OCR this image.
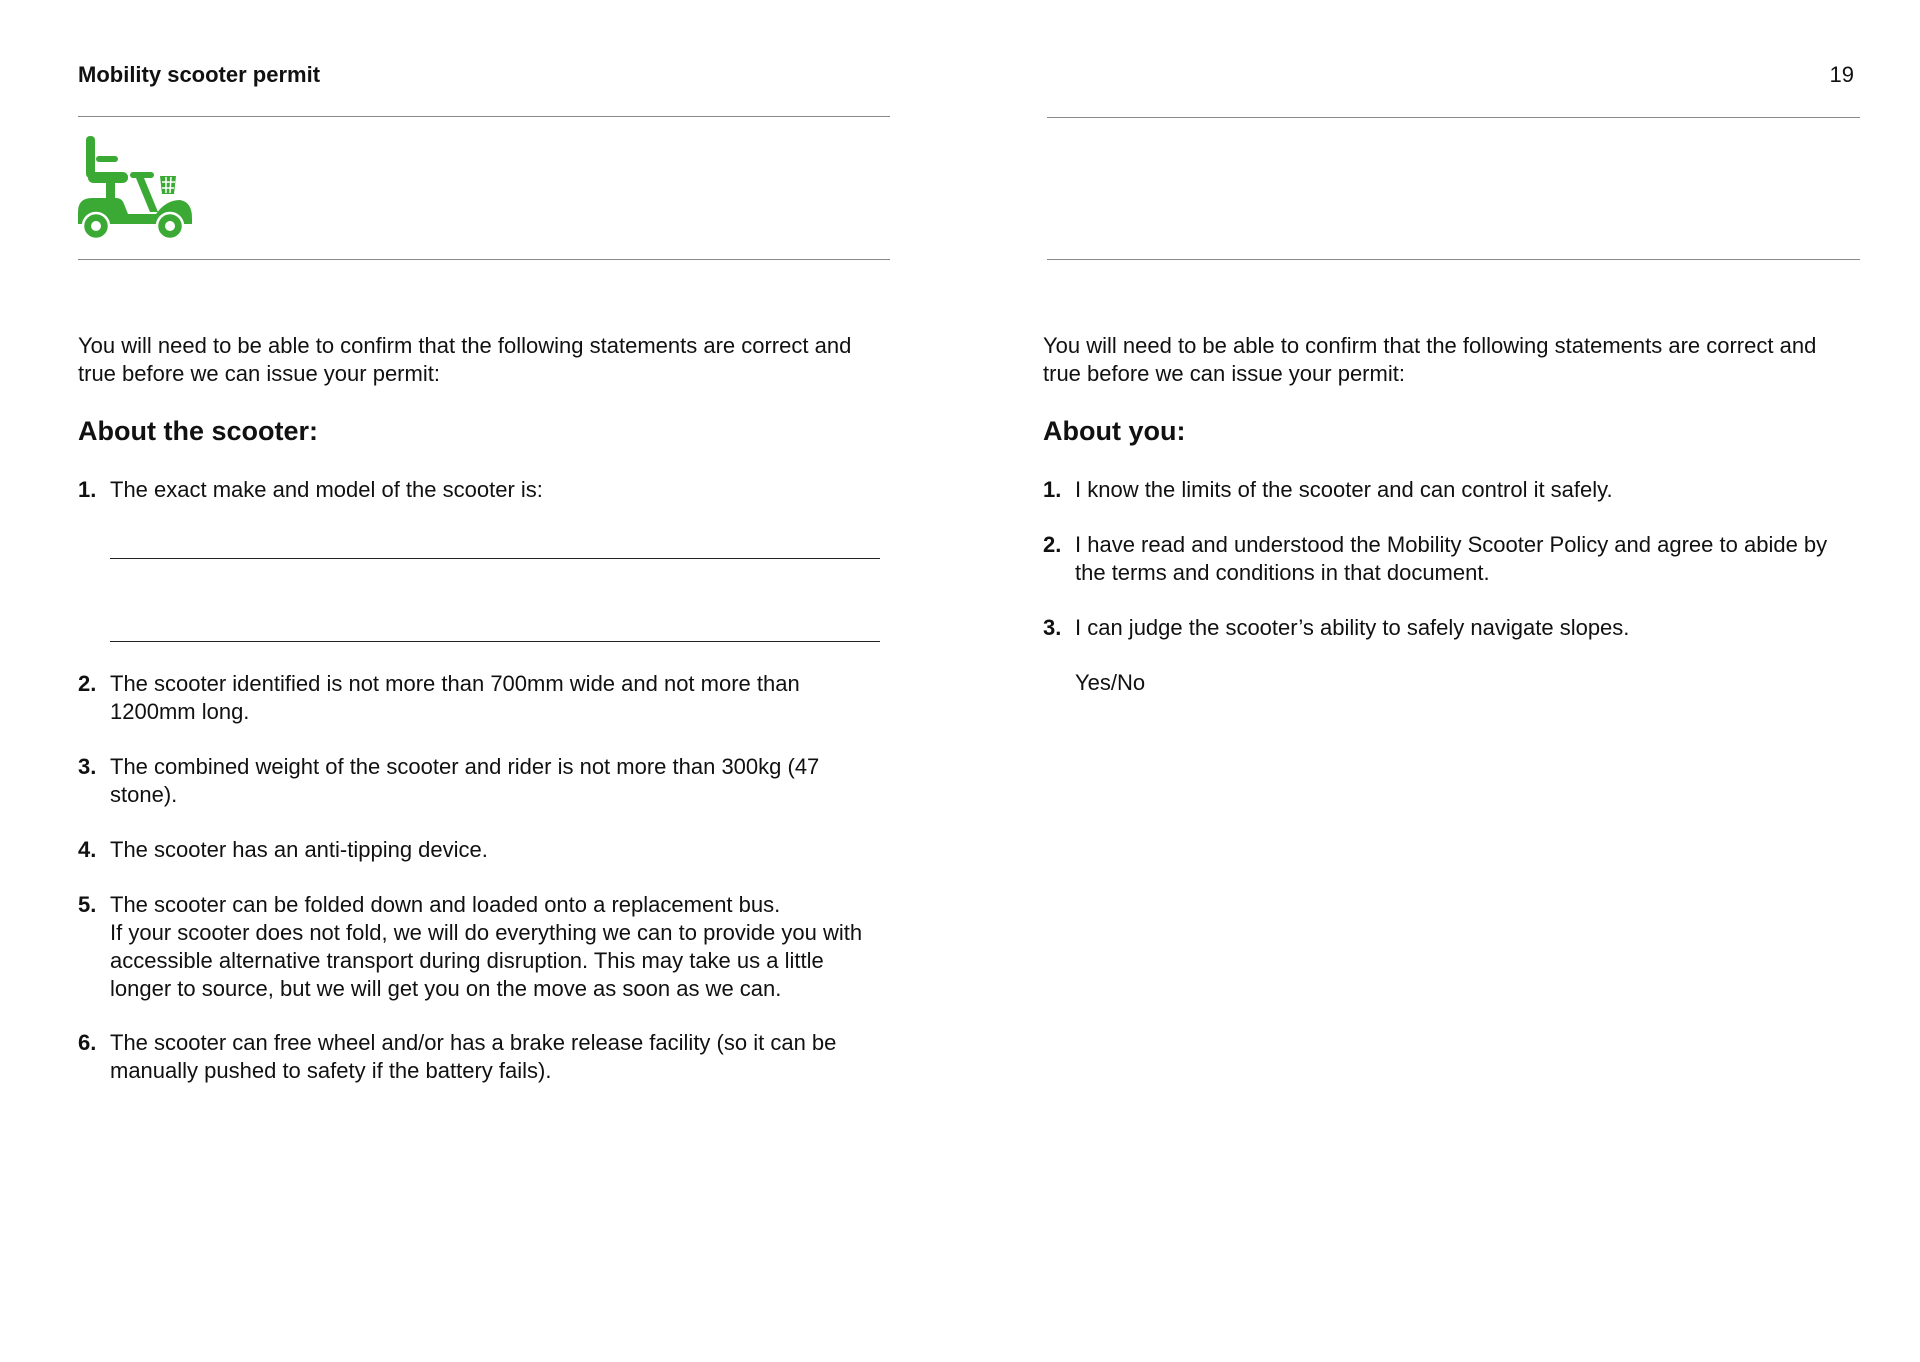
Mobility scooter permit	19

You will need to be able to confirm that the following statements are correct and true before we can issue your permit:

About the scooter:
1. The exact make and model of the scooter is:
2. The scooter identified is not more than 700mm wide and not more than 1200mm long.
3. The combined weight of the scooter and rider is not more than 300kg (47 stone).
4. The scooter has an anti-tipping device.
5. The scooter can be folded down and loaded onto a replacement bus.
If your scooter does not fold, we will do everything we can to provide you with accessible alternative transport during disruption. This may take us a little longer to source, but we will get you on the move as soon as we can.
6. The scooter can free wheel and/or has a brake release facility (so it can be manually pushed to safety if the battery fails).

You will need to be able to confirm that the following statements are correct and true before we can issue your permit:

About you:
1. I know the limits of the scooter and can control it safely.
2. I have read and understood the Mobility Scooter Policy and agree to abide by the terms and conditions in that document.
3. I can judge the scooter’s ability to safely navigate slopes.
Yes/No
